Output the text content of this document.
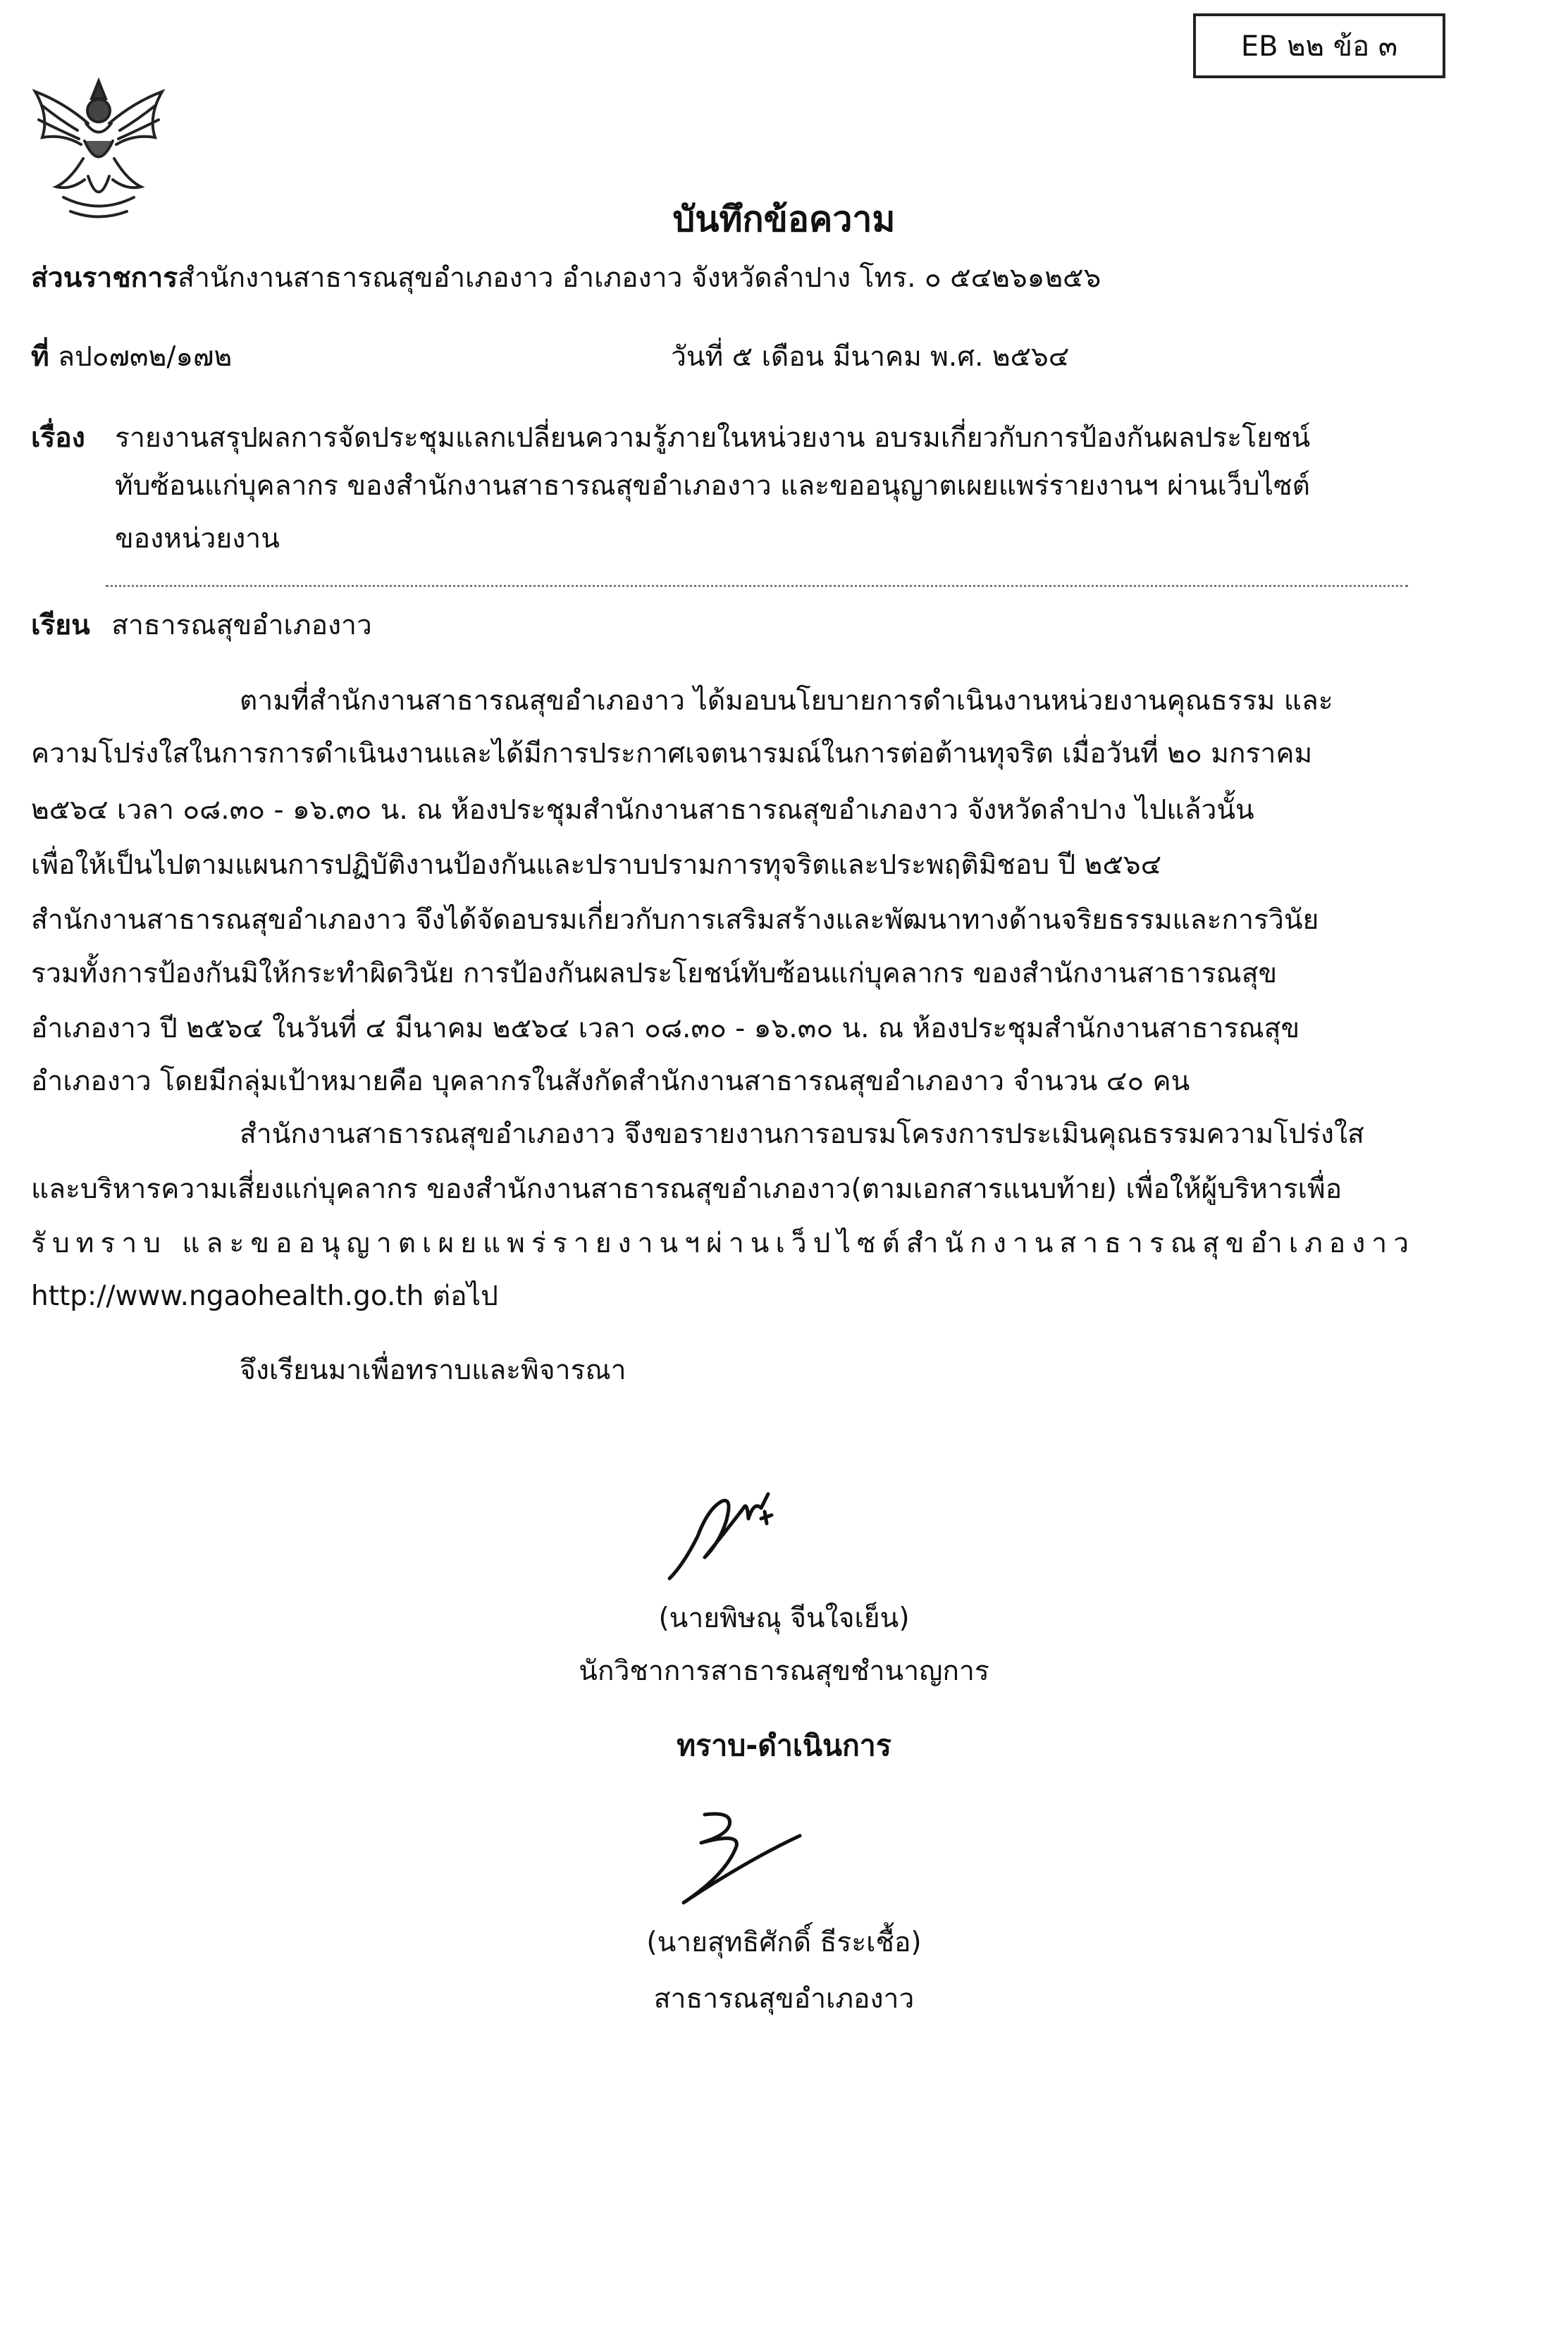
EB ๒๒ ข้อ ๓
บันทึกข้อความ
ส่วนราชการสำนักงานสาธารณสุขอำเภองาว อำเภองาว จังหวัดลำปาง โทร. ๐ ๕๔๒๖๑๒๕๖
ที่ ลป๐๗๓๒/๑๗๒	วันที่ ๕ เดือน มีนาคม พ.ศ. ๒๕๖๔
เรื่อง รายงานสรุปผลการจัดประชุมแลกเปลี่ยนความรู้ภายในหน่วยงาน อบรมเกี่ยวกับการป้องกันผลประโยชน์
ทับซ้อนแก่บุคลากร ของสำนักงานสาธารณสุขอำเภองาว และขออนุญาตเผยแพร่รายงานฯ ผ่านเว็บไซต์
ของหน่วยงาน
เรียน สาธารณสุขอำเภองาว
ตามที่สำนักงานสาธารณสุขอำเภองาว ได้มอบนโยบายการดำเนินงานหน่วยงานคุณธรรม และ
ความโปร่งใสในการการดำเนินงานและได้มีการประกาศเจตนารมณ์ในการต่อต้านทุจริต เมื่อวันที่ ๒๐ มกราคม
๒๕๖๔ เวลา ๐๘.๓๐ - ๑๖.๓๐ น. ณ ห้องประชุมสำนักงานสาธารณสุขอำเภองาว จังหวัดลำปาง ไปแล้วนั้น
เพื่อให้เป็นไปตามแผนการปฏิบัติงานป้องกันและปราบปรามการทุจริตและประพฤติมิชอบ ปี ๒๕๖๔
สำนักงานสาธารณสุขอำเภองาว จึงได้จัดอบรมเกี่ยวกับการเสริมสร้างและพัฒนาทางด้านจริยธรรมและการวินัย
รวมทั้งการป้องกันมิให้กระทำผิดวินัย การป้องกันผลประโยชน์ทับซ้อนแก่บุคลากร ของสำนักงานสาธารณสุข
อำเภองาว ปี ๒๕๖๔ ในวันที่ ๔ มีนาคม ๒๕๖๔ เวลา ๐๘.๓๐ - ๑๖.๓๐ น. ณ ห้องประชุมสำนักงานสาธารณสุข
อำเภองาว โดยมีกลุ่มเป้าหมายคือ บุคลากรในสังกัดสำนักงานสาธารณสุขอำเภองาว จำนวน ๔๐ คน
สำนักงานสาธารณสุขอำเภองาว จึงขอรายงานการอบรมโครงการประเมินคุณธรรมความโปร่งใส
และบริหารความเสี่ยงแก่บุคลากร ของสำนักงานสาธารณสุขอำเภองาว(ตามเอกสารแนบท้าย) เพื่อให้ผู้บริหารเพื่อ
รับทราบ และขออนุญาตเผยแพร่รายงานฯผ่านเว็ปไซต์สำนักงานสาธารณสุขอำเภองาว
http://www.ngaohealth.go.th ต่อไป
จึงเรียนมาเพื่อทราบและพิจารณา
(นายพิษณุ จีนใจเย็น)
นักวิชาการสาธารณสุขชำนาญการ
ทราบ-ดำเนินการ
(นายสุทธิศักดิ์ ธีระเชื้อ)
สาธารณสุขอำเภองาว
